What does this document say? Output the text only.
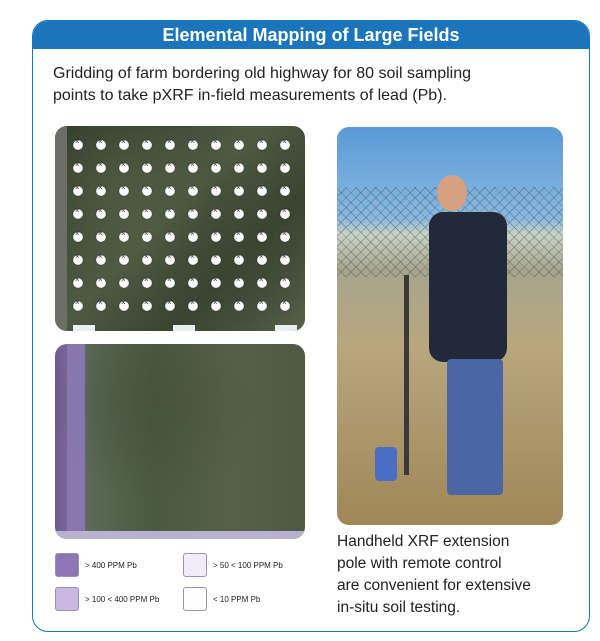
Elemental Mapping of Large Fields
Gridding of farm bordering old highway for 80 soil sampling
points to take pXRF in-field measurements of lead (Pb).
×
×
×
×
×
×
×
×
×
×
×
×
×
×
×
×
×
×
×
×
×
×
×
×
×
×
×
×
×
×
×
×
×
×
×
×
×
×
×
×
×
×
×
×
×
×
×
×
×
×
×
×
×
×
×
×
×
×
×
×
×
×
×
×
×
×
×
×
×
×
×
×
×
×
×
×
×
×
×
×
> 400 PPM Pb	> 50 < 100 PPM Pb
> 100 < 400 PPM Pb	< 10 PPM Pb
Handheld XRF extension
pole with remote control
are convenient for extensive
in-situ soil testing.
